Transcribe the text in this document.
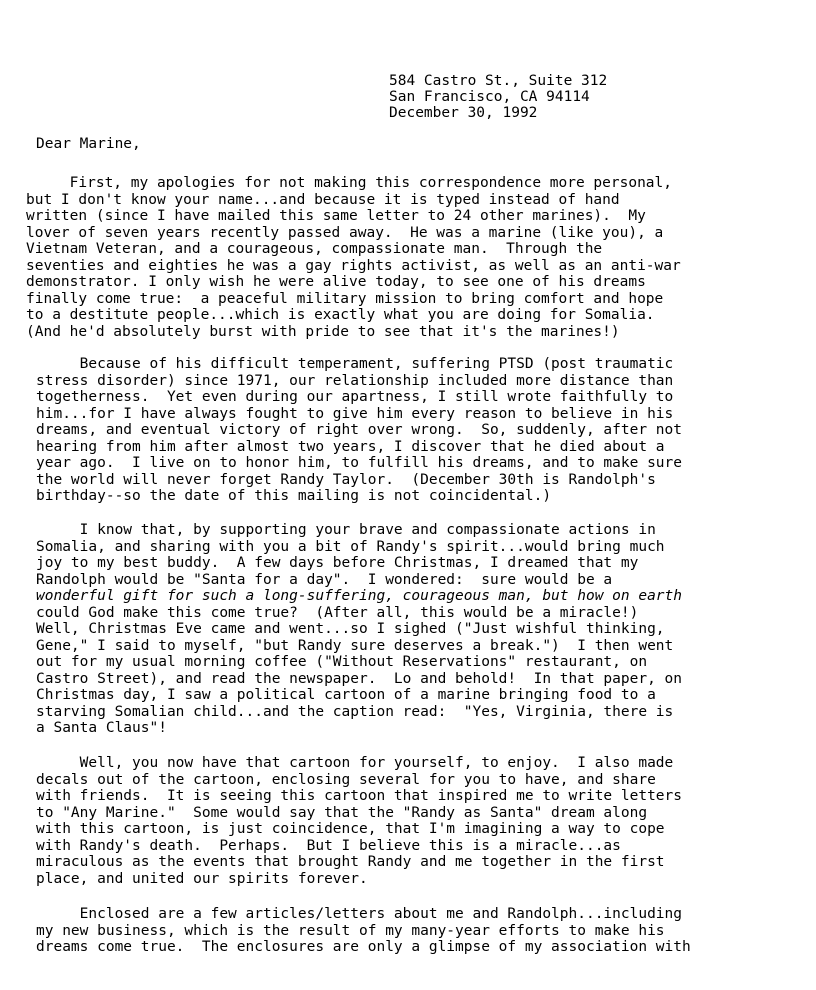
584 Castro St., Suite 312
San Francisco, CA 94114
December 30, 1992
Dear Marine,
First, my apologies for not making this correspondence more personal,
but I don't know your name...and because it is typed instead of hand
written (since I have mailed this same letter to 24 other marines).  My
lover of seven years recently passed away.  He was a marine (like you), a
Vietnam Veteran, and a courageous, compassionate man.  Through the
seventies and eighties he was a gay rights activist, as well as an anti-war
demonstrator. I only wish he were alive today, to see one of his dreams
finally come true:  a peaceful military mission to bring comfort and hope
to a destitute people...which is exactly what you are doing for Somalia.
(And he'd absolutely burst with pride to see that it's the marines!)
Because of his difficult temperament, suffering PTSD (post traumatic
stress disorder) since 1971, our relationship included more distance than
togetherness.  Yet even during our apartness, I still wrote faithfully to
him...for I have always fought to give him every reason to believe in his
dreams, and eventual victory of right over wrong.  So, suddenly, after not
hearing from him after almost two years, I discover that he died about a
year ago.  I live on to honor him, to fulfill his dreams, and to make sure
the world will never forget Randy Taylor.  (December 30th is Randolph's
birthday--so the date of this mailing is not coincidental.)
I know that, by supporting your brave and compassionate actions in
Somalia, and sharing with you a bit of Randy's spirit...would bring much
joy to my best buddy.  A few days before Christmas, I dreamed that my
Randolph would be "Santa for a day".  I wondered:  sure would be a
wonderful gift for such a long-suffering, courageous man, but how on earth
could God make this come true?  (After all, this would be a miracle!)
Well, Christmas Eve came and went...so I sighed ("Just wishful thinking,
Gene," I said to myself, "but Randy sure deserves a break.")  I then went
out for my usual morning coffee ("Without Reservations" restaurant, on
Castro Street), and read the newspaper.  Lo and behold!  In that paper, on
Christmas day, I saw a political cartoon of a marine bringing food to a
starving Somalian child...and the caption read:  "Yes, Virginia, there is
a Santa Claus"!
Well, you now have that cartoon for yourself, to enjoy.  I also made
decals out of the cartoon, enclosing several for you to have, and share
with friends.  It is seeing this cartoon that inspired me to write letters
to "Any Marine."  Some would say that the "Randy as Santa" dream along
with this cartoon, is just coincidence, that I'm imagining a way to cope
with Randy's death.  Perhaps.  But I believe this is a miracle...as
miraculous as the events that brought Randy and me together in the first
place, and united our spirits forever.
Enclosed are a few articles/letters about me and Randolph...including
my new business, which is the result of my many-year efforts to make his
dreams come true.  The enclosures are only a glimpse of my association with
